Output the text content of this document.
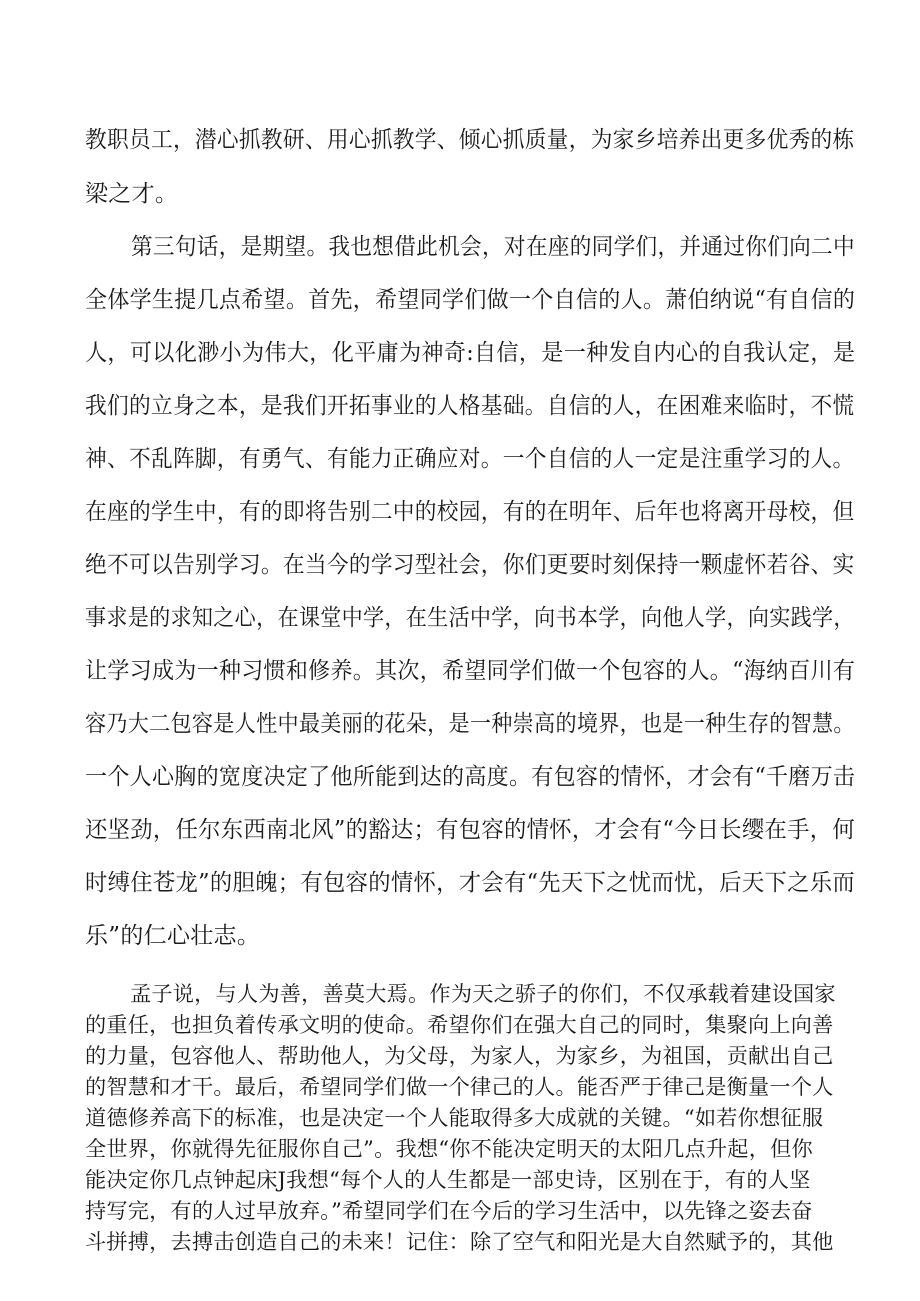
教职员工，潜心抓教研、用心抓教学、倾心抓质量，为家乡培养出更多优秀的栋
梁之才。
第三句话，是期望。我也想借此机会，对在座的同学们，并通过你们向二中
全体学生提几点希望。首先，希望同学们做一个自信的人。萧伯纳说“有自信的
人，可以化渺小为伟大，化平庸为神奇:自信，是一种发自内心的自我认定，是
我们的立身之本，是我们开拓事业的人格基础。自信的人，在困难来临时，不慌
神、不乱阵脚，有勇气、有能力正确应对。一个自信的人一定是注重学习的人。
在座的学生中，有的即将告别二中的校园，有的在明年、后年也将离开母校，但
绝不可以告别学习。在当今的学习型社会，你们更要时刻保持一颗虚怀若谷、实
事求是的求知之心，在课堂中学，在生活中学，向书本学，向他人学，向实践学，
让学习成为一种习惯和修养。其次，希望同学们做一个包容的人。“海纳百川有
容乃大二包容是人性中最美丽的花朵，是一种崇高的境界，也是一种生存的智慧。
一个人心胸的宽度决定了他所能到达的高度。有包容的情怀，才会有“千磨万击
还坚劲，任尔东西南北风”的豁达；有包容的情怀，才会有“今日长缨在手，何
时缚住苍龙”的胆魄；有包容的情怀，才会有“先天下之忧而忧，后天下之乐而
乐”的仁心壮志。
孟子说，与人为善，善莫大焉。作为天之骄子的你们，不仅承载着建设国家
的重任，也担负着传承文明的使命。希望你们在强大自己的同时，集聚向上向善
的力量，包容他人、帮助他人，为父母，为家人，为家乡，为祖国，贡献出自己
的智慧和才干。最后，希望同学们做一个律己的人。能否严于律己是衡量一个人
道德修养高下的标准，也是决定一个人能取得多大成就的关键。“如若你想征服
全世界，你就得先征服你自己”。我想“你不能决定明天的太阳几点升起，但你
能决定你几点钟起床J我想“每个人的人生都是一部史诗，区别在于，有的人坚
持写完，有的人过早放弃。”希望同学们在今后的学习生活中，以先锋之姿去奋
斗拼搏，去搏击创造自己的未来！记住：除了空气和阳光是大自然赋予的，其他
